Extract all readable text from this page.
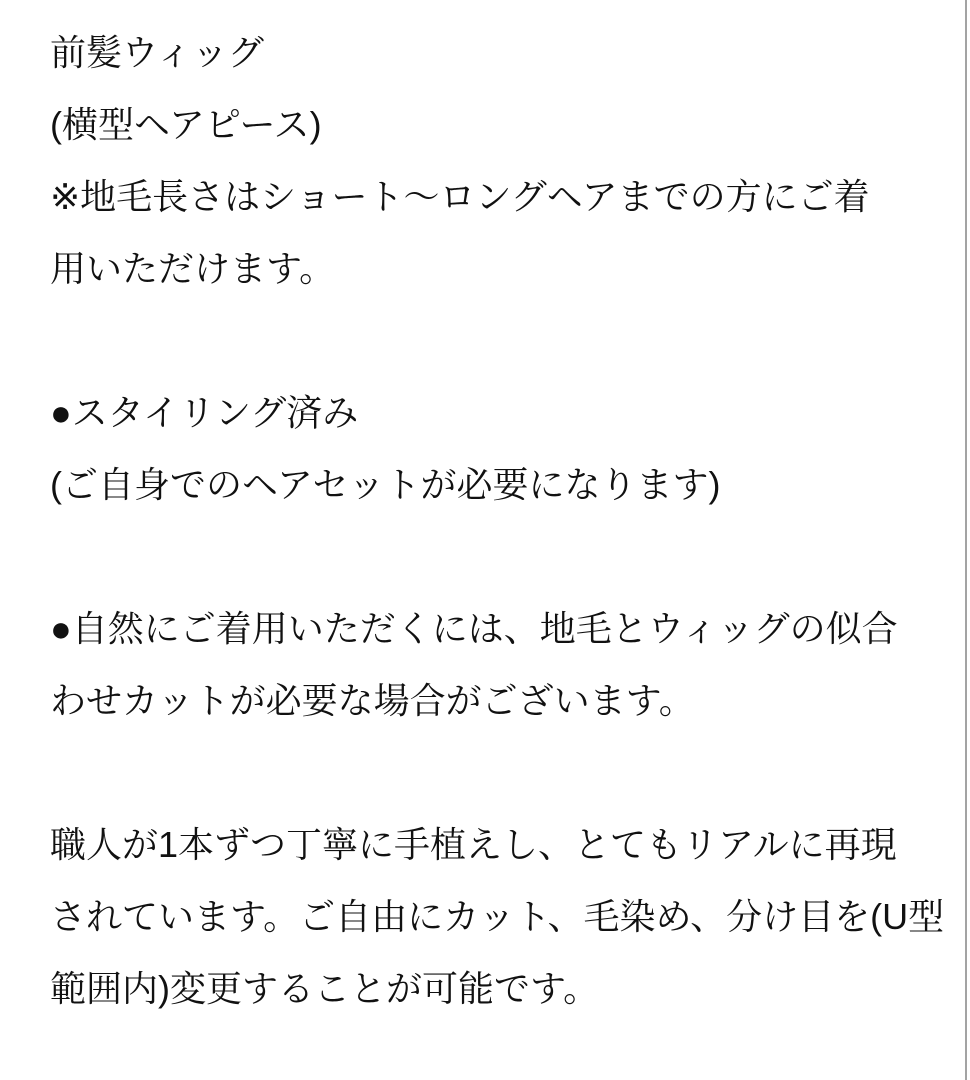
前髪ウィッグ
(横型ヘアピース)
※地毛長さはショート〜ロングヘアまでの方にご着
用いただけます。
●スタイリング済み
(ご自身でのヘアセットが必要になります)
●自然にご着用いただくには、地毛とウィッグの似合
わせカットが必要な場合がございます。
職人が1本ずつ丁寧に手植えし、とてもリアルに再現
されています。ご自由にカット、毛染め、分け目を(U型
範囲内)変更することが可能です。
